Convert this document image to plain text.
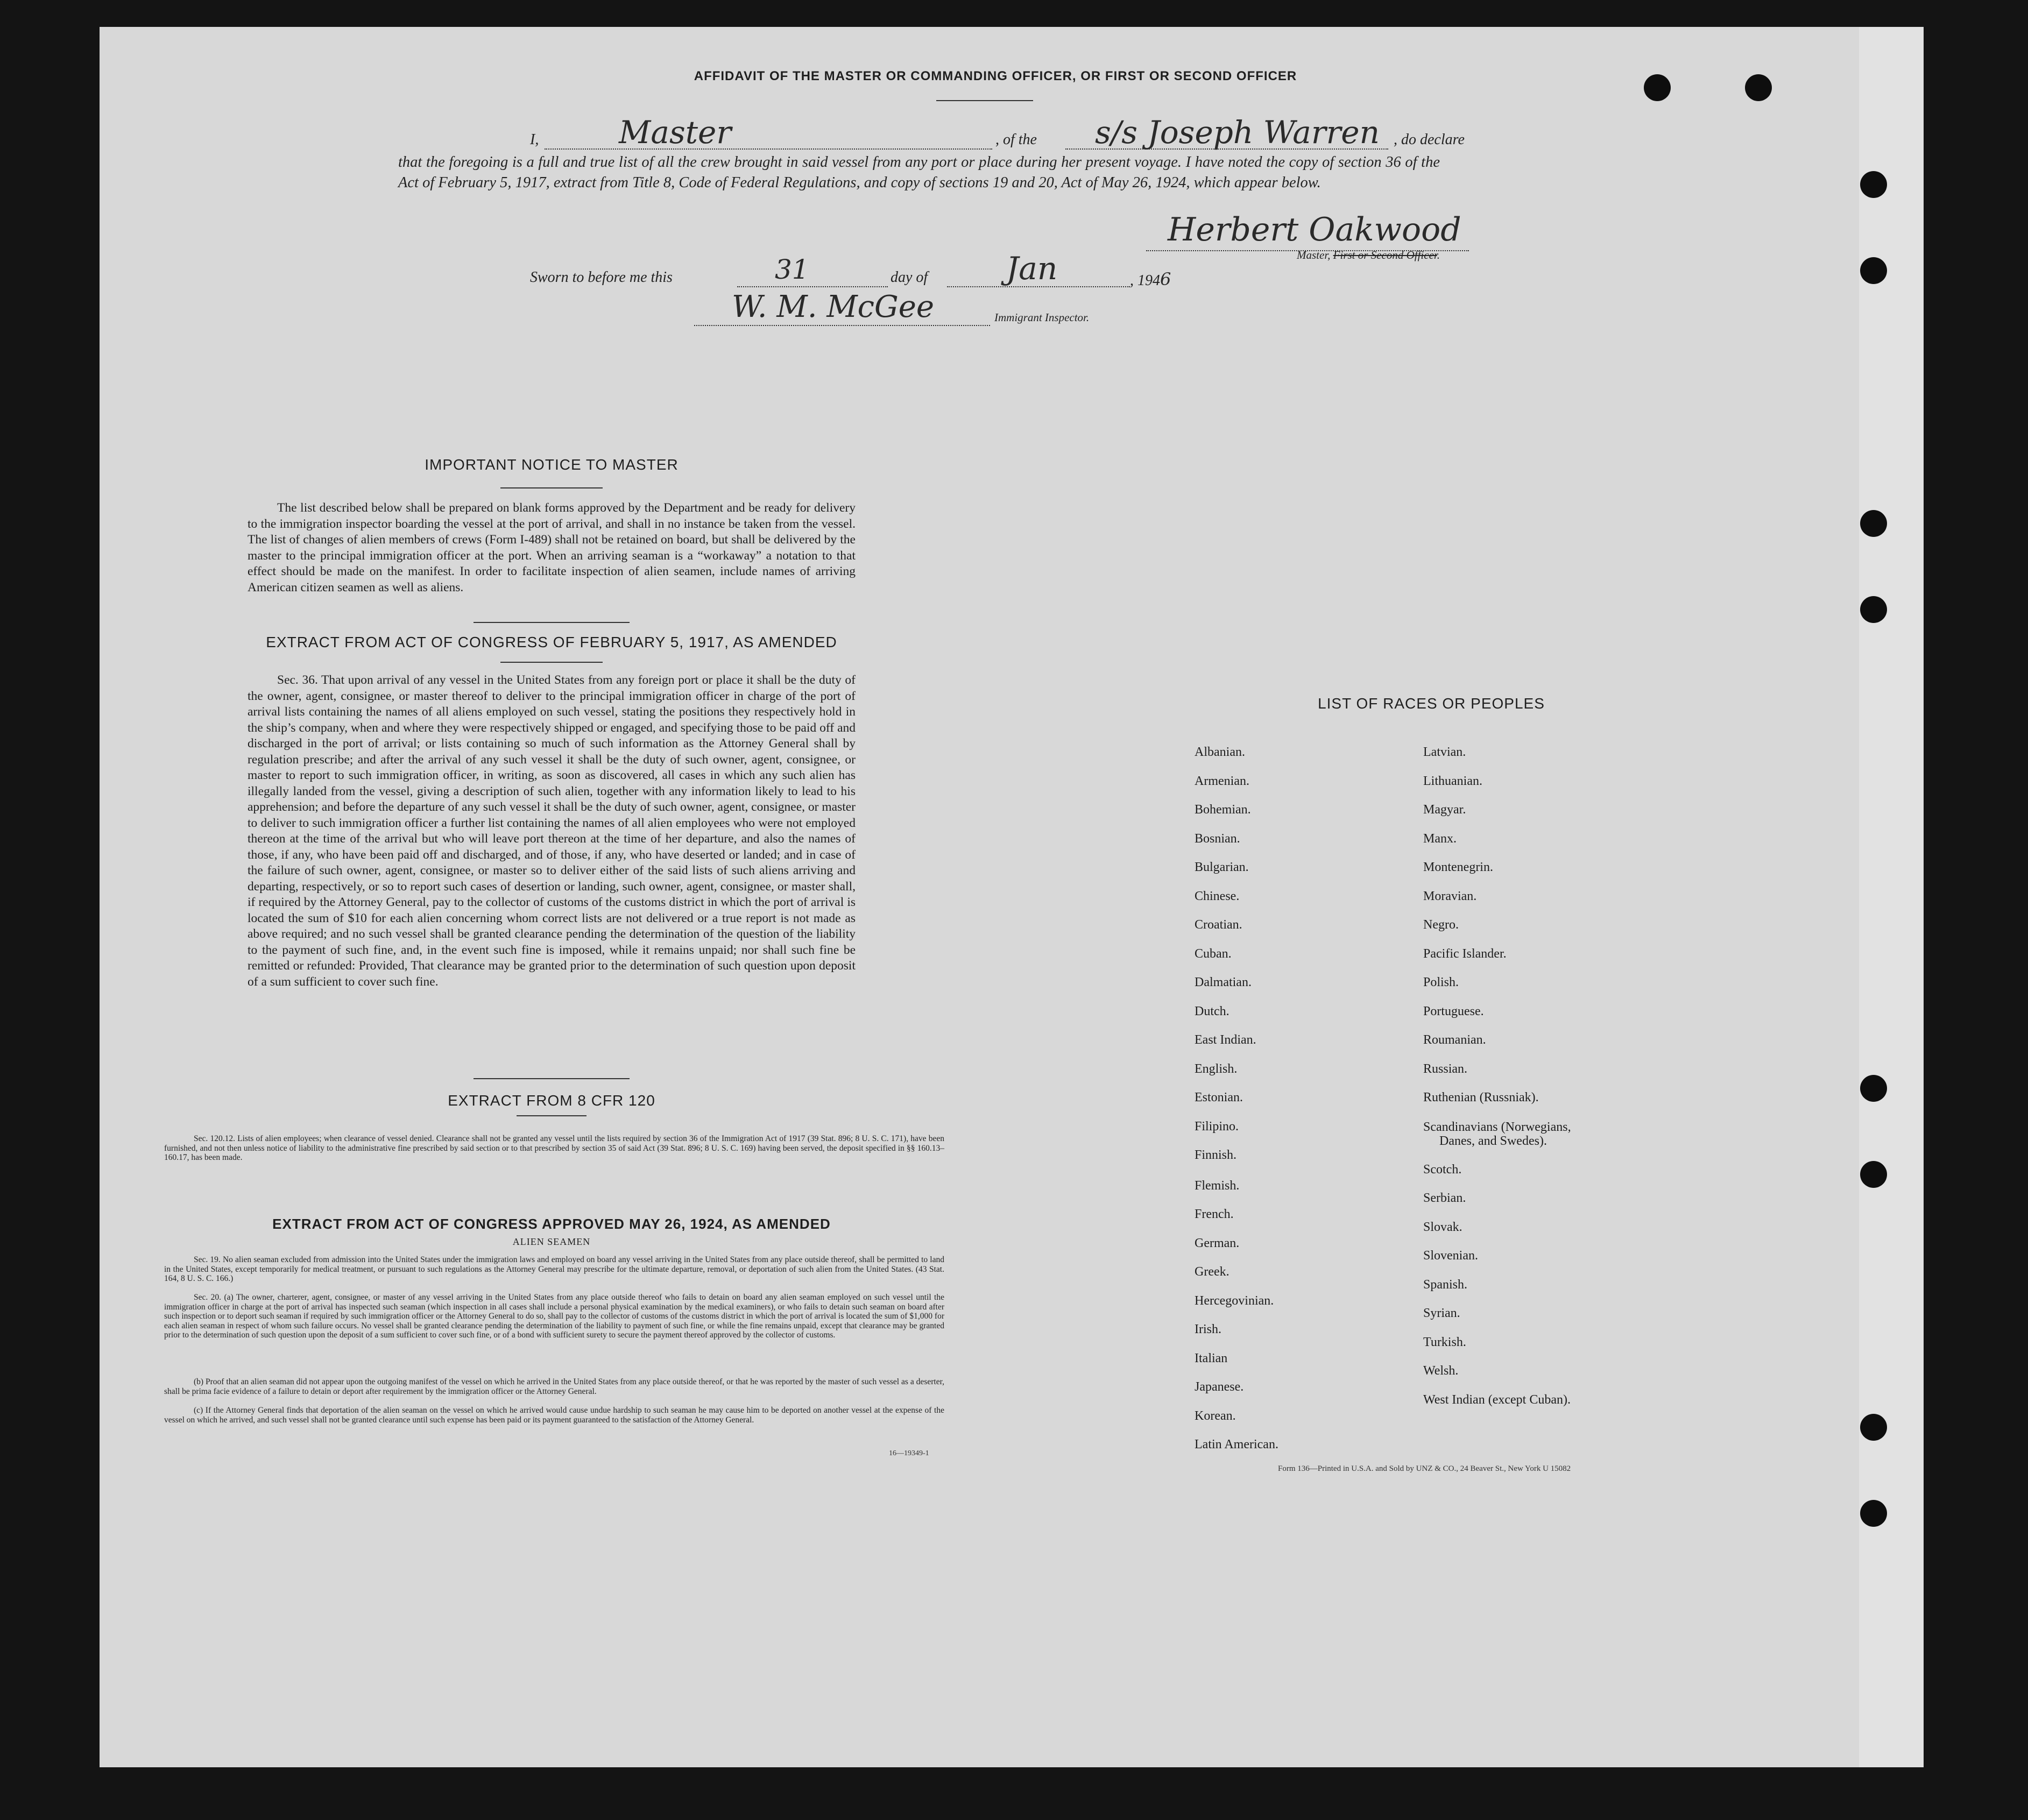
AFFIDAVIT OF THE MASTER OR COMMANDING OFFICER, OR FIRST OR SECOND OFFICER
I,	Master	, of the s/s Joseph Warren , do declare

that the foregoing is a full and true list of all the crew brought in said vessel from any port or place during her present voyage. I have noted the copy of section 36 of the Act of February 5, 1917, extract from Title 8, Code of Federal Regulations, and copy of sections 19 and 20, Act of May 26, 1924, which appear below.

Herbert Oakwood
Master, First or Second Officer.
Sworn to before me this	31	day of	Jan	, 1946
W. M. McGee	Immigrant Inspector.
IMPORTANT NOTICE TO MASTER

The list described below shall be prepared on blank forms approved by the Department and be ready for delivery to the immigration inspector boarding the vessel at the port of arrival, and shall in no instance be taken from the vessel. The list of changes of alien members of crews (Form I-489) shall not be retained on board, but shall be delivered by the master to the principal immigration officer at the port. When an arriving seaman is a “workaway” a notation to that effect should be made on the manifest. In order to facilitate inspection of alien seamen, include names of arriving American citizen seamen as well as aliens.

EXTRACT FROM ACT OF CONGRESS OF FEBRUARY 5, 1917, AS AMENDED

Sec. 36. That upon arrival of any vessel in the United States from any foreign port or place it shall be the duty of the owner, agent, consignee, or master thereof to deliver to the principal immigration officer in charge of the port of arrival lists containing the names of all aliens employed on such vessel, stating the positions they respectively hold in the ship’s company, when and where they were respectively shipped or engaged, and specifying those to be paid off and discharged in the port of arrival; or lists containing so much of such information as the Attorney General shall by regulation prescribe; and after the arrival of any such vessel it shall be the duty of such owner, agent, consignee, or master to report to such immigration officer, in writing, as soon as discovered, all cases in which any such alien has illegally landed from the vessel, giving a description of such alien, together with any information likely to lead to his apprehension; and before the departure of any such vessel it shall be the duty of such owner, agent, consignee, or master to deliver to such immigration officer a further list containing the names of all alien employees who were not employed thereon at the time of the arrival but who will leave port thereon at the time of her departure, and also the names of those, if any, who have been paid off and discharged, and of those, if any, who have deserted or landed; and in case of the failure of such owner, agent, consignee, or master so to deliver either of the said lists of such aliens arriving and departing, respectively, or so to report such cases of desertion or landing, such owner, agent, consignee, or master shall, if required by the Attorney General, pay to the collector of customs of the customs district in which the port of arrival is located the sum of $10 for each alien concerning whom correct lists are not delivered or a true report is not made as above required; and no such vessel shall be granted clearance pending the determination of the question of the liability to the payment of such fine, and, in the event such fine is imposed, while it remains unpaid; nor shall such fine be remitted or refunded: Provided, That clearance may be granted prior to the determination of such question upon deposit of a sum sufficient to cover such fine.

EXTRACT FROM 8 CFR 120

Sec. 120.12. Lists of alien employees; when clearance of vessel denied. Clearance shall not be granted any vessel until the lists required by section 36 of the Immigration Act of 1917 (39 Stat. 896; 8 U. S. C. 171), have been furnished, and not then unless notice of liability to the administrative fine prescribed by said section or to that prescribed by section 35 of said Act (39 Stat. 896; 8 U. S. C. 169) having been served, the deposit specified in §§ 160.13–160.17, has been made.

EXTRACT FROM ACT OF CONGRESS APPROVED MAY 26, 1924, AS AMENDED
ALIEN SEAMEN

Sec. 19. No alien seaman excluded from admission into the United States under the immigration laws and employed on board any vessel arriving in the United States from any place outside thereof, shall be permitted to land in the United States, except temporarily for medical treatment, or pursuant to such regulations as the Attorney General may prescribe for the ultimate departure, removal, or deportation of such alien from the United States. (43 Stat. 164, 8 U. S. C. 166.)

Sec. 20. (a) The owner, charterer, agent, consignee, or master of any vessel arriving in the United States from any place outside thereof who fails to detain on board any alien seaman employed on such vessel until the immigration officer in charge at the port of arrival has inspected such seaman (which inspection in all cases shall include a personal physical examination by the medical examiners), or who fails to detain such seaman on board after such inspection or to deport such seaman if required by such immigration officer or the Attorney General to do so, shall pay to the collector of customs of the customs district in which the port of arrival is located the sum of $1,000 for each alien seaman in respect of whom such failure occurs. No vessel shall be granted clearance pending the determination of the liability to payment of such fine, or while the fine remains unpaid, except that clearance may be granted prior to the determination of such question upon the deposit of a sum sufficient to cover such fine, or of a bond with sufficient surety to secure the payment thereof approved by the collector of customs.

(b) Proof that an alien seaman did not appear upon the outgoing manifest of the vessel on which he arrived in the United States from any place outside thereof, or that he was reported by the master of such vessel as a deserter, shall be prima facie evidence of a failure to detain or deport after requirement by the immigration officer or the Attorney General.

(c) If the Attorney General finds that deportation of the alien seaman on the vessel on which he arrived would cause undue hardship to such seaman he may cause him to be deported on another vessel at the expense of the vessel on which he arrived, and such vessel shall not be granted clearance until such expense has been paid or its payment guaranteed to the satisfaction of the Attorney General.

16—19349-1
LIST OF RACES OR PEOPLES
Albanian.
Armenian.
Bohemian.
Bosnian.
Bulgarian.
Chinese.
Croatian.
Cuban.
Dalmatian.
Dutch.
East Indian.
English.
Estonian.
Filipino.
Finnish.
Flemish.
French.
German.
Greek.
Hercegovinian.
Irish.
Italian
Japanese.
Korean.
Latin American.
Latvian.
Lithuanian.
Magyar.
Manx.
Montenegrin.
Moravian.
Negro.
Pacific Islander.
Polish.
Portuguese.
Roumanian.
Russian.
Ruthenian (Russniak).
Scandinavians (Norwegians,
Danes, and Swedes).
Scotch.
Serbian.
Slovak.
Slovenian.
Spanish.
Syrian.
Turkish.
Welsh.
West Indian (except Cuban).
Form 136—Printed in U.S.A. and Sold by UNZ & CO., 24 Beaver St., New York U 15082
